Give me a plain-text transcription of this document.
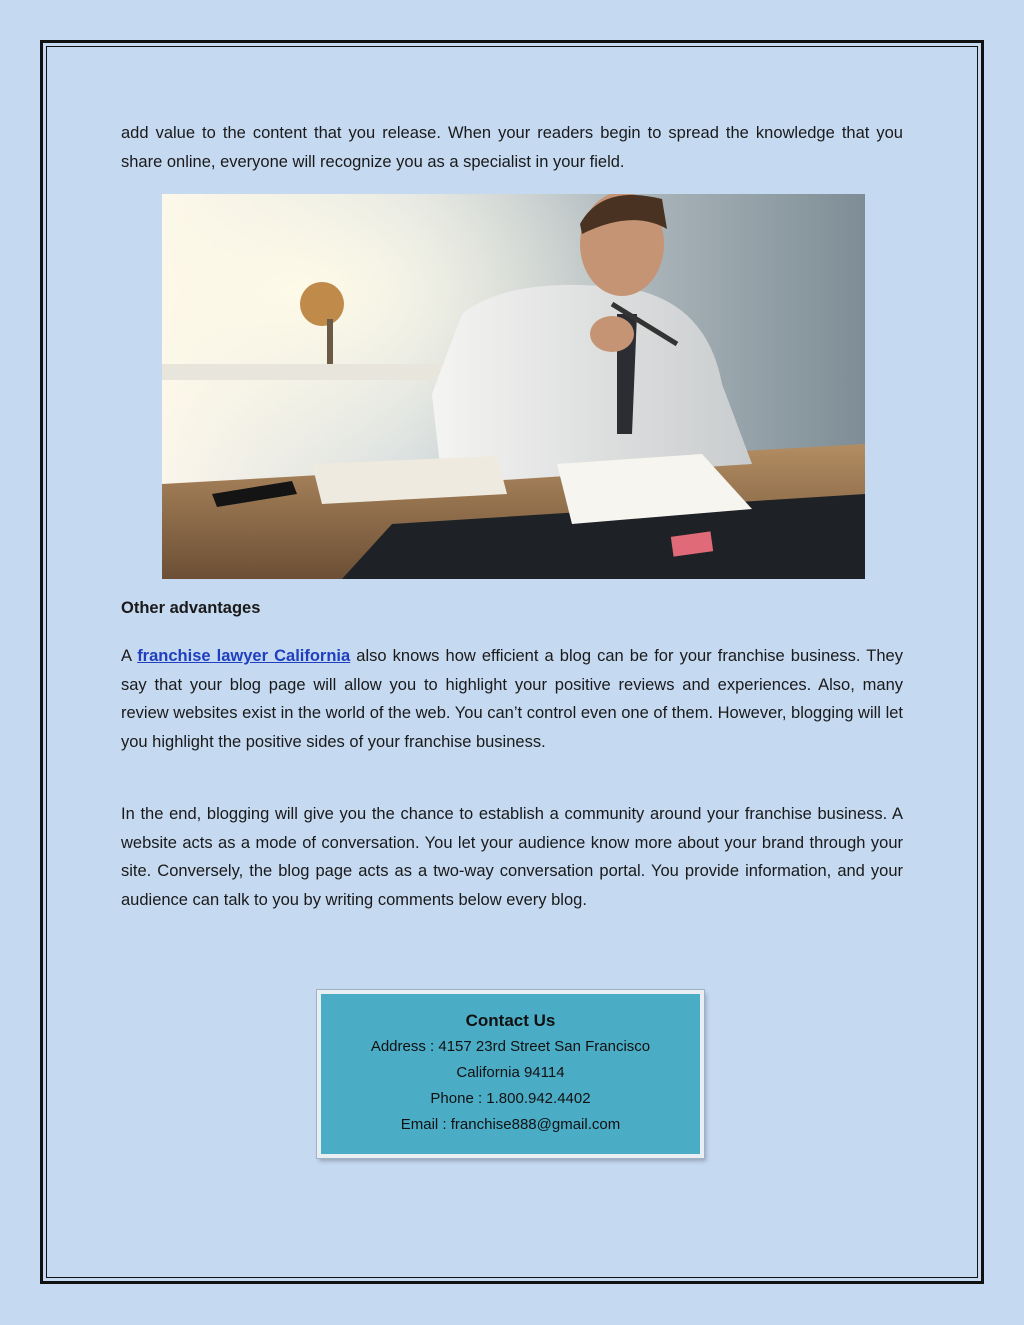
add value to the content that you release. When your readers begin to spread the knowledge that you share online, everyone will recognize you as a specialist in your field.

Other advantages

A franchise lawyer California also knows how efficient a blog can be for your franchise business. They say that your blog page will allow you to highlight your positive reviews and experiences. Also, many review websites exist in the world of the web. You can’t control even one of them. However, blogging will let you highlight the positive sides of your franchise business.

In the end, blogging will give you the chance to establish a community around your franchise business. A website acts as a mode of conversation. You let your audience know more about your brand through your site. Conversely, the blog page acts as a two-way conversation portal. You provide information, and your audience can talk to you by writing comments below every blog.

Contact Us
Address : 4157 23rd Street San Francisco
California 94114
Phone : 1.800.942.4402
Email : franchise888@gmail.com
